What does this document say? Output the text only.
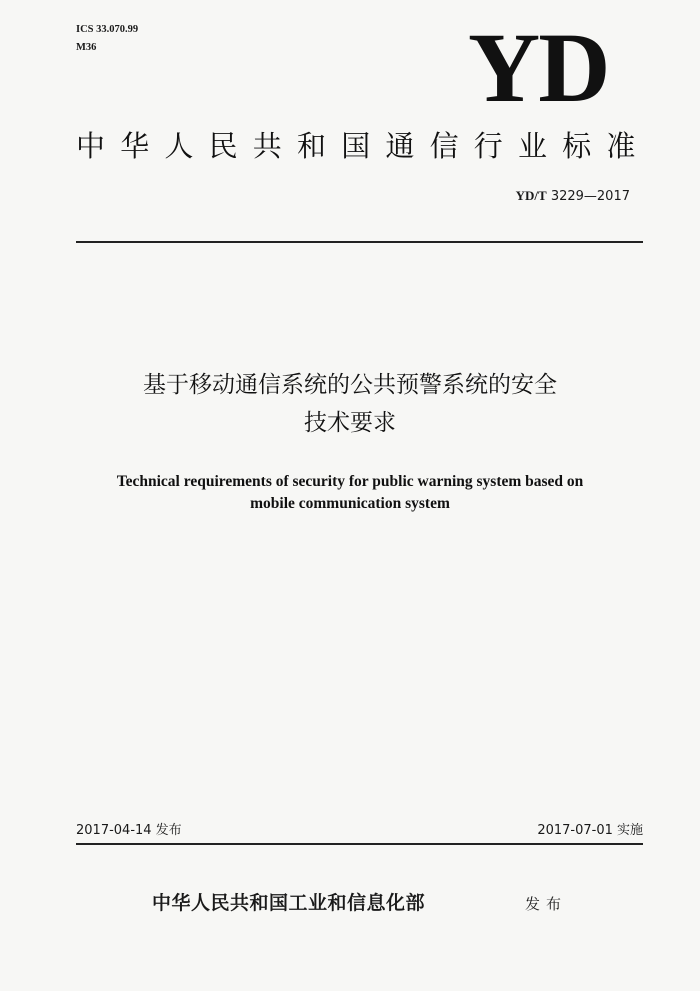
ICS 33.070.99
M36	YD
中华人民共和国通信行业标准
YD/T 3229—2017
基于移动通信系统的公共预警系统的安全
技术要求
Technical requirements of security for public warning system based on
mobile communication system
2017-04-14 发布	2017-07-01 实施
中华人民共和国工业和信息化部	发布
